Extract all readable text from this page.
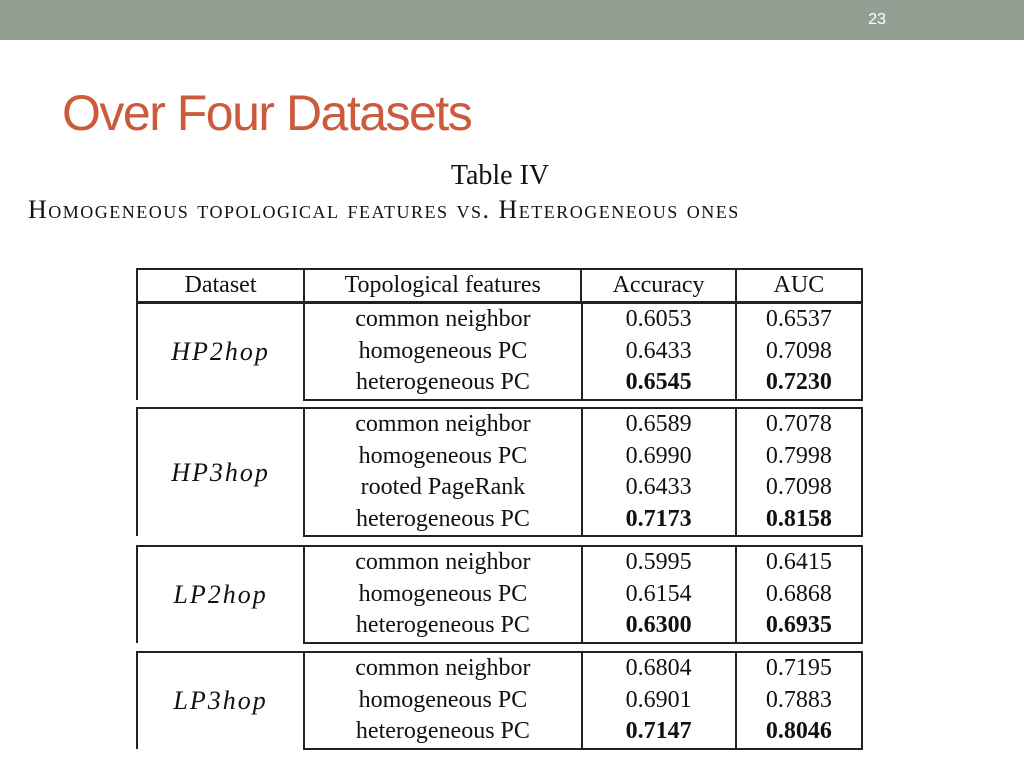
23
Over Four Datasets
Table IV
Homogeneous topological features vs. Heterogeneous ones
Dataset	Topological features	Accuracy	AUC
HP2hop	common neighbor	0.6053	0.6537
	homogeneous PC	0.6433	0.7098
	heterogeneous PC	0.6545	0.7230
HP3hop	common neighbor	0.6589	0.7078
	homogeneous PC	0.6990	0.7998
	rooted PageRank	0.6433	0.7098
	heterogeneous PC	0.7173	0.8158
LP2hop	common neighbor	0.5995	0.6415
	homogeneous PC	0.6154	0.6868
	heterogeneous PC	0.6300	0.6935
LP3hop	common neighbor	0.6804	0.7195
	homogeneous PC	0.6901	0.7883
	heterogeneous PC	0.7147	0.8046
